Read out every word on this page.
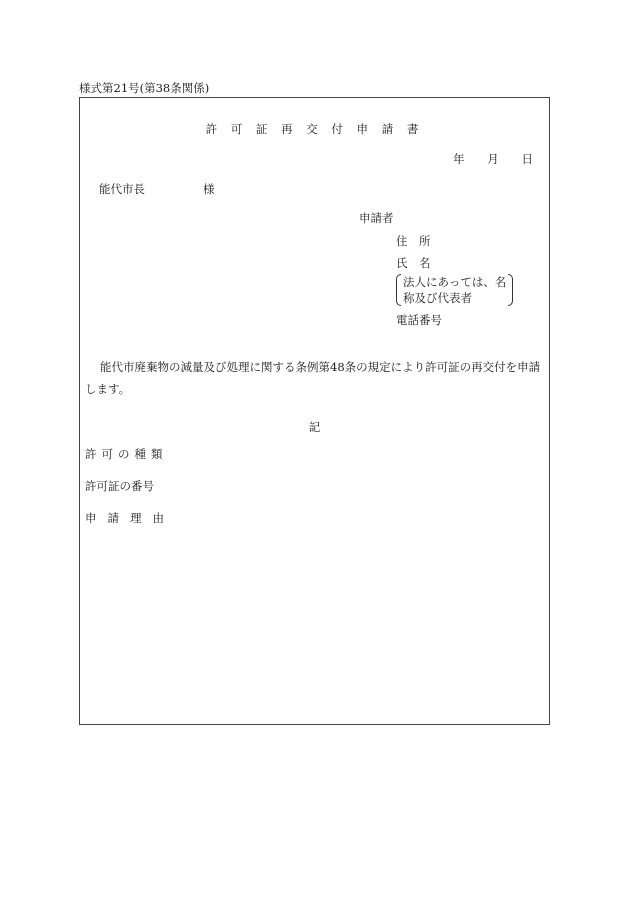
様式第21号(第38条関係)
許 可 証 再 交 付 申 請 書
年 月 日
能代市長	様
申請者
住　所
氏　名
法人にあっては、名
称及び代表者
電話番号
能代市廃棄物の減量及び処理に関する条例第48条の規定により許可証の再交付を申請します。
記
許可の種類
許可証の番号
申請理由
